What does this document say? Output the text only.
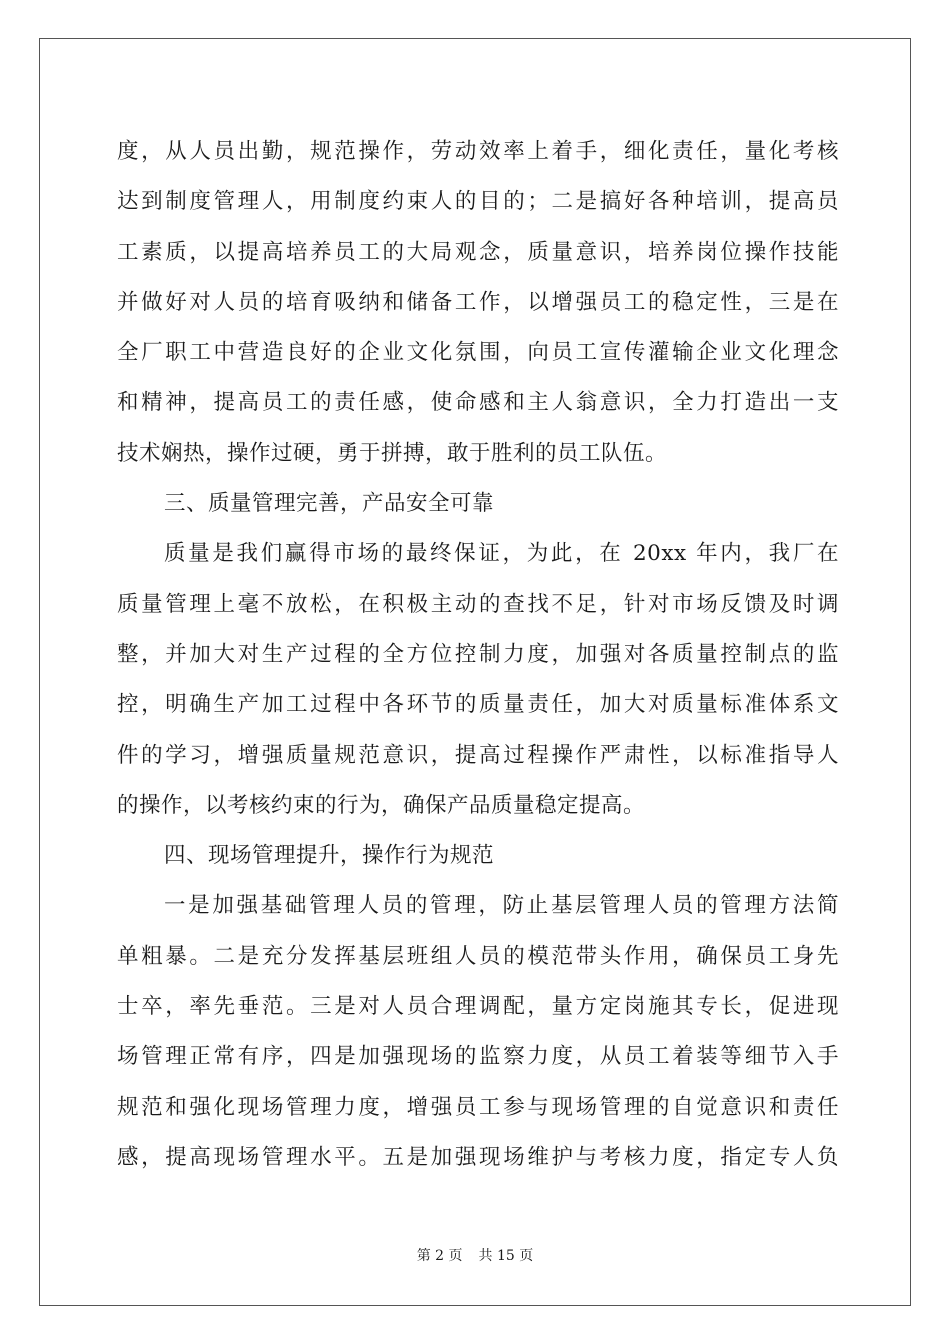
度，从人员出勤，规范操作，劳动效率上着手，细化责任，量化考核
达到制度管理人，用制度约束人的目的；二是搞好各种培训，提高员
工素质，以提高培养员工的大局观念，质量意识，培养岗位操作技能
并做好对人员的培育吸纳和储备工作，以增强员工的稳定性，三是在
全厂职工中营造良好的企业文化氛围，向员工宣传灌输企业文化理念
和精神，提高员工的责任感，使命感和主人翁意识，全力打造出一支
技术娴热，操作过硬，勇于拼搏，敢于胜利的员工队伍。
三、质量管理完善，产品安全可靠
质量是我们赢得市场的最终保证，为此，在 20xx 年内，我厂在
质量管理上毫不放松，在积极主动的查找不足，针对市场反馈及时调
整，并加大对生产过程的全方位控制力度，加强对各质量控制点的监
控，明确生产加工过程中各环节的质量责任，加大对质量标准体系文
件的学习，增强质量规范意识，提高过程操作严肃性，以标准指导人
的操作，以考核约束的行为，确保产品质量稳定提高。
四、现场管理提升，操作行为规范
一是加强基础管理人员的管理，防止基层管理人员的管理方法简
单粗暴。二是充分发挥基层班组人员的模范带头作用，确保员工身先
士卒，率先垂范。三是对人员合理调配，量方定岗施其专长，促进现
场管理正常有序，四是加强现场的监察力度，从员工着装等细节入手
规范和强化现场管理力度，增强员工参与现场管理的自觉意识和责任
感，提高现场管理水平。五是加强现场维护与考核力度，指定专人负
第 2 页 共 15 页
